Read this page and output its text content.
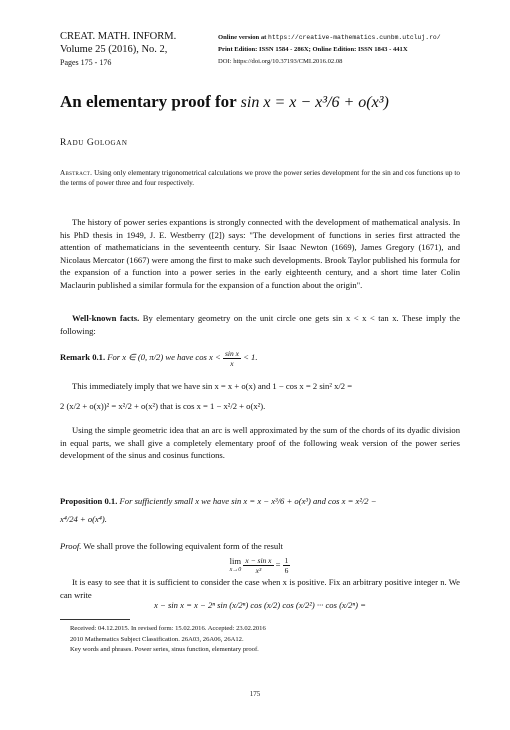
CREAT. MATH. INFORM.
Volume 25 (2016), No. 2,
Pages 175 - 176
Online version at https://creative-mathematics.cunbm.utcluj.ro/
Print Edition: ISSN 1584 - 286X; Online Edition: ISSN 1843 - 441X
DOI: https://doi.org/10.37193/CMI.2016.02.08
An elementary proof for sin x = x − x³/6 + o(x³)
Radu Gologan
Abstract. Using only elementary trigonometrical calculations we prove the power series development for the sin and cos functions up to the terms of power three and four respectively.
The history of power series expantions is strongly connected with the development of mathematical analysis. In his PhD thesis in 1949, J. E. Westberry ([2]) says: "The development of functions in series first attracted the attention of mathematicians in the seventeenth century. Sir Isaac Newton (1669), James Gregory (1671), and Nicolaus Mercator (1667) were among the first to make such developments. Brook Taylor published his formula for the expansion of a function into a power series in the early eighteenth century, and a short time later Colin Maclaurin published a similar formula for the expansion of a function about the origin".
Well-known facts. By elementary geometry on the unit circle one gets sin x < x < tan x. These imply the following:
Remark 0.1. For x ∈ (0, π/2) we have $\cos x < \frac{\text{sin x}}{x} < 1$.
This immediately imply that we have sin x = x + o(x) and 1 − cos x = 2 sin² x/2 =
2 (x/2 + o(x))² = x²/2 + o(x²) that is cos x = 1 − x²/2 + o(x²).
Using the simple geometric idea that an arc is well approximated by the sum of the chords of its dyadic division in equal parts, we shall give a completely elementary proof of the following weak version of the power series development of the sinus and cosinus functions.
Proposition 0.1. For sufficiently small x we have sin x = x − x³/6 + o(x³) and cos x = x²/2 −
x⁴/24 + o(x⁴).
Proof. We shall prove the following equivalent form of the result
lim
x→0
$\frac{\text{x − sin x}}{\text{x³}} = \frac{1}{6}$
It is easy to see that it is sufficient to consider the case when x is positive. Fix an arbitrary positive integer n. We can write
x − sin x = x − 2ⁿ sin (x/2ⁿ) cos (x/2) cos (x/2²) ··· cos (x/2ⁿ) =
Received: 04.12.2015. In revised form: 15.02.2016. Accepted: 23.02.2016
2010 Mathematics Subject Classification. 26A03, 26A06, 26A12.
Key words and phrases. Power series, sinus function, elementary proof.
175
